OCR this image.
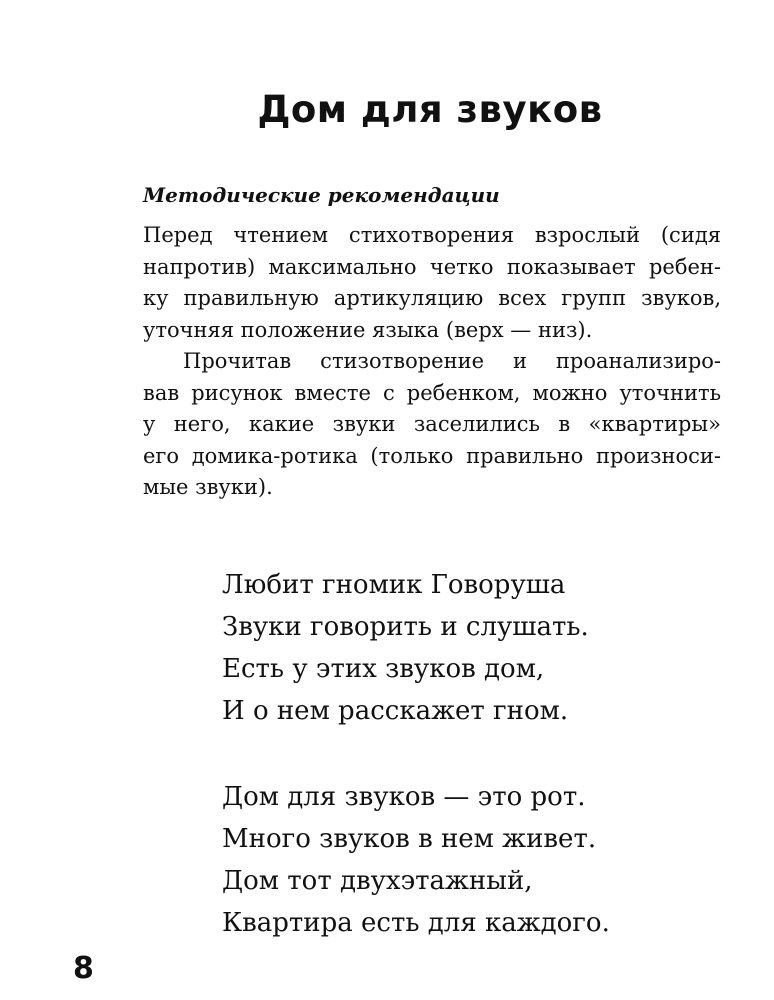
Дом для звуков
Методические рекомендации

Перед чтением стихотворения взрослый (сидя
напротив) максимально четко показывает ребен-
ку правильную артикуляцию всех групп звуков,
уточняя положение языка (верх — низ).

Прочитав стизотворение и проанализиро-
вав рисунок вместе с ребенком, можно уточнить
у него, какие звуки заселились в «квартиры»
его домика-ротика (только правильно произноси-
мые звуки).

Любит гномик Говоруша
Звуки говорить и слушать.
Есть у этих звуков дом,
И о нем расскажет гном.
Дом для звуков — это рот.
Много звуков в нем живет.
Дом тот двухэтажный,
Квартира есть для каждого.
8
